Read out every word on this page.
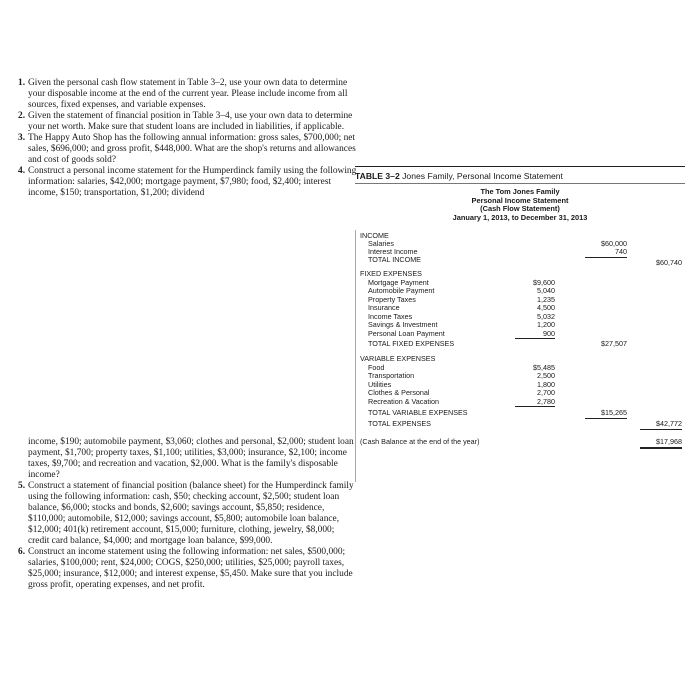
1. Given the personal cash flow statement in Table 3–2, use your own data to determine your disposable income at the end of the current year. Please include income from all sources, fixed expenses, and variable expenses.
2. Given the statement of financial position in Table 3–4, use your own data to determine your net worth. Make sure that student loans are included in liabilities, if applicable.
3. The Happy Auto Shop has the following annual information: gross sales, $700,000; net sales, $696,000; and gross profit, $448,000. What are the shop's returns and allowances and cost of goods sold?
4. Construct a personal income statement for the Humperdinck family using the following information: salaries, $42,000; mortgage payment, $7,980; food, $2,400; interest income, $150; transportation, $1,200; dividend
income, $190; automobile payment, $3,060; clothes and personal, $2,000; student loan payment, $1,700; property taxes, $1,100; utilities, $3,000; insurance, $2,100; income taxes, $9,700; and recreation and vacation, $2,000. What is the family's disposable income?
5. Construct a statement of financial position (balance sheet) for the Humperdinck family using the following information: cash, $50; checking account, $2,500; student loan balance, $6,000; stocks and bonds, $2,600; savings account, $5,850; residence, $110,000; automobile, $12,000; savings account, $5,800; automobile loan balance, $12,000; 401(k) retirement account, $15,000; furniture, clothing, jewelry, $8,000; credit card balance, $4,000; and mortgage loan balance, $99,000.
6. Construct an income statement using the following information: net sales, $500,000; salaries, $100,000; rent, $24,000; COGS, $250,000; utilities, $25,000; payroll taxes, $25,000; insurance, $12,000; and interest expense, $5,450. Make sure that you include gross profit, operating expenses, and net profit.
TABLE 3–2 Jones Family, Personal Income Statement
The Tom Jones Family
Personal Income Statement
(Cash Flow Statement)
January 1, 2013, to December 31, 2013
INCOME
Salaries	$60,000
Interest Income	740
TOTAL INCOME	$60,740
FIXED EXPENSES
Mortgage Payment	$9,600
Automobile Payment	5,040
Property Taxes	1,235
Insurance	4,500
Income Taxes	5,032
Savings & Investment	1,200
Personal Loan Payment	900
TOTAL FIXED EXPENSES	$27,507
VARIABLE EXPENSES
Food	$5,485
Transportation	2,500
Utilities	1,800
Clothes & Personal	2,700
Recreation & Vacation	2,780
TOTAL VARIABLE EXPENSES	$15,265
TOTAL EXPENSES	$42,772
(Cash Balance at the end of the year)	$17,968
